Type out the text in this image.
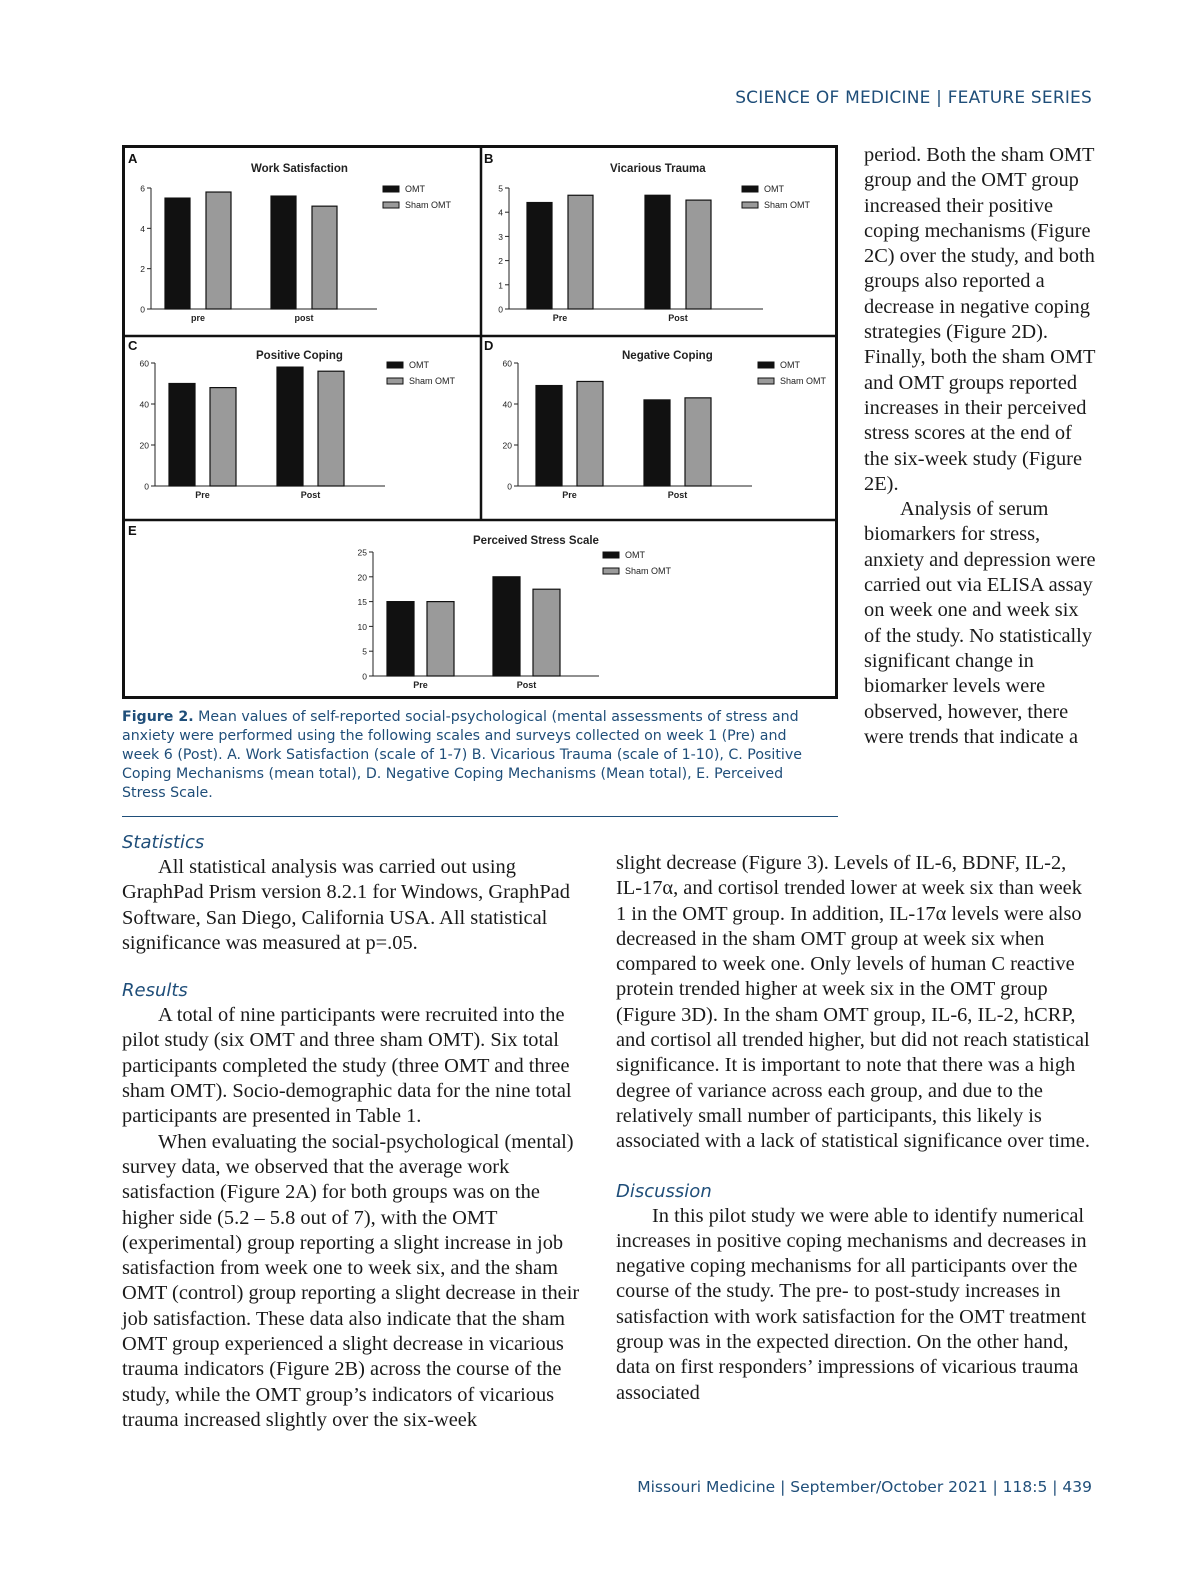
SCIENCE OF MEDICINE | FEATURE SERIES
A
Work Satisfaction
0
2
4
6
pre	post
OMT
Sham OMT
B
Vicarious Trauma
0
1
2
3
4
5
Pre	Post
OMT
Sham OMT
C
Positive Coping
0
20
40
60
Pre	Post
OMT
Sham OMT
D
Negative Coping
0
20
40
60
Pre	Post
OMT
Sham OMT
E
Perceived Stress Scale
0
5
10
15
20
25
Pre	Post
OMT
Sham OMT
Figure 2. Mean values of self-reported social-psychological (mental assessments of stress and anxiety were performed using the following scales and surveys collected on week 1 (Pre) and week 6 (Post). A. Work Satisfaction (scale of 1-7) B. Vicarious Trauma (scale of 1-10), C. Positive Coping Mechanisms (mean total), D. Negative Coping Mechanisms (Mean total), E. Perceived Stress Scale.

period. Both the sham OMT group and the OMT group increased their positive coping mechanisms (Figure 2C) over the study, and both groups also reported a decrease in negative coping strategies (Figure 2D). Finally, both the sham OMT and OMT groups reported increases in their perceived stress scores at the end of the six-week study (Figure 2E).

Analysis of serum biomarkers for stress, anxiety and depression were carried out via ELISA assay on week one and week six of the study. No statistically significant change in biomarker levels were observed, however, there were trends that indicate a

Statistics

All statistical analysis was carried out using GraphPad Prism version 8.2.1 for Windows, GraphPad Software, San Diego, California USA. All statistical significance was measured at p=.05.

Results

A total of nine participants were recruited into the pilot study (six OMT and three sham OMT). Six total participants completed the study (three OMT and three sham OMT). Socio-demographic data for the nine total participants are presented in Table 1.

When evaluating the social-psychological (mental) survey data, we observed that the average work satisfaction (Figure 2A) for both groups was on the higher side (5.2 – 5.8 out of 7), with the OMT (experimental) group reporting a slight increase in job satisfaction from week one to week six, and the sham OMT (control) group reporting a slight decrease in their job satisfaction. These data also indicate that the sham OMT group experienced a slight decrease in vicarious trauma indicators (Figure 2B) across the course of the study, while the OMT group’s indicators of vicarious trauma increased slightly over the six-week

slight decrease (Figure 3). Levels of IL-6, BDNF, IL-2, IL-17α, and cortisol trended lower at week six than week 1 in the OMT group. In addition, IL-17α levels were also decreased in the sham OMT group at week six when compared to week one. Only levels of human C reactive protein trended higher at week six in the OMT group (Figure 3D). In the sham OMT group, IL-6, IL-2, hCRP, and cortisol all trended higher, but did not reach statistical significance. It is important to note that there was a high degree of variance across each group, and due to the relatively small number of participants, this likely is associated with a lack of statistical significance over time.

Discussion

In this pilot study we were able to identify numerical increases in positive coping mechanisms and decreases in negative coping mechanisms for all participants over the course of the study. The pre- to post-study increases in satisfaction with work satisfaction for the OMT treatment group was in the expected direction. On the other hand, data on first responders’ impressions of vicarious trauma associated

Missouri Medicine | September/October 2021 | 118:5 | 439
